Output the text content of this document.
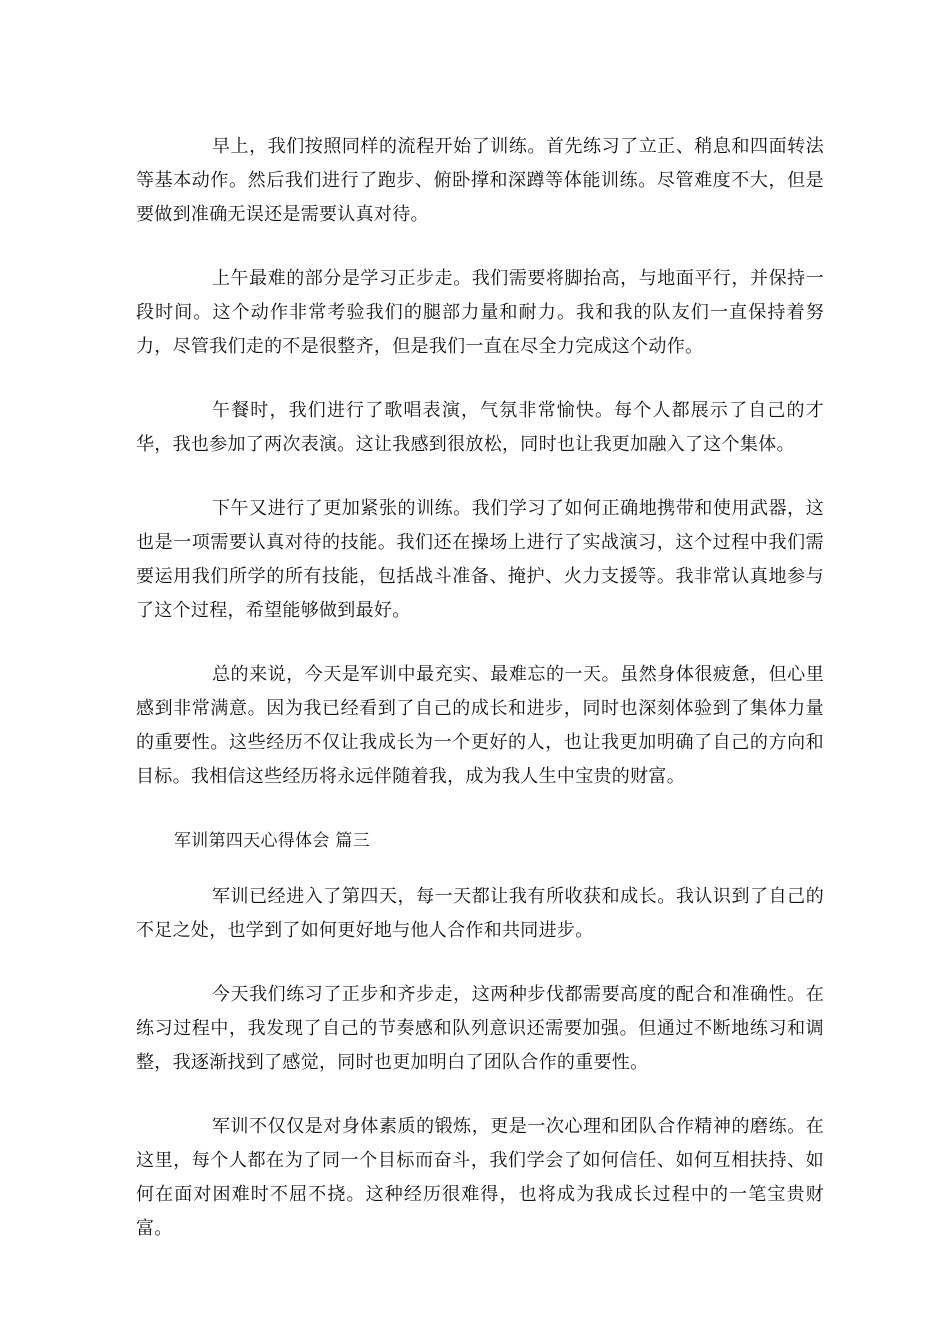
早上，我们按照同样的流程开始了训练。首先练习了立正、稍息和四面转法等基本动作。然后我们进行了跑步、俯卧撑和深蹲等体能训练。尽管难度不大，但是要做到准确无误还是需要认真对待。

上午最难的部分是学习正步走。我们需要将脚抬高，与地面平行，并保持一段时间。这个动作非常考验我们的腿部力量和耐力。我和我的队友们一直保持着努力，尽管我们走的不是很整齐，但是我们一直在尽全力完成这个动作。

午餐时，我们进行了歌唱表演，气氛非常愉快。每个人都展示了自己的才华，我也参加了两次表演。这让我感到很放松，同时也让我更加融入了这个集体。

下午又进行了更加紧张的训练。我们学习了如何正确地携带和使用武器，这也是一项需要认真对待的技能。我们还在操场上进行了实战演习，这个过程中我们需要运用我们所学的所有技能，包括战斗准备、掩护、火力支援等。我非常认真地参与了这个过程，希望能够做到最好。

总的来说，今天是军训中最充实、最难忘的一天。虽然身体很疲惫，但心里感到非常满意。因为我已经看到了自己的成长和进步，同时也深刻体验到了集体力量的重要性。这些经历不仅让我成长为一个更好的人，也让我更加明确了自己的方向和目标。我相信这些经历将永远伴随着我，成为我人生中宝贵的财富。

军训第四天心得体会 篇三

军训已经进入了第四天，每一天都让我有所收获和成长。我认识到了自己的不足之处，也学到了如何更好地与他人合作和共同进步。

今天我们练习了正步和齐步走，这两种步伐都需要高度的配合和准确性。在练习过程中，我发现了自己的节奏感和队列意识还需要加强。但通过不断地练习和调整，我逐渐找到了感觉，同时也更加明白了团队合作的重要性。

军训不仅仅是对身体素质的锻炼，更是一次心理和团队合作精神的磨练。在这里，每个人都在为了同一个目标而奋斗，我们学会了如何信任、如何互相扶持、如何在面对困难时不屈不挠。这种经历很难得，也将成为我成长过程中的一笔宝贵财富。
